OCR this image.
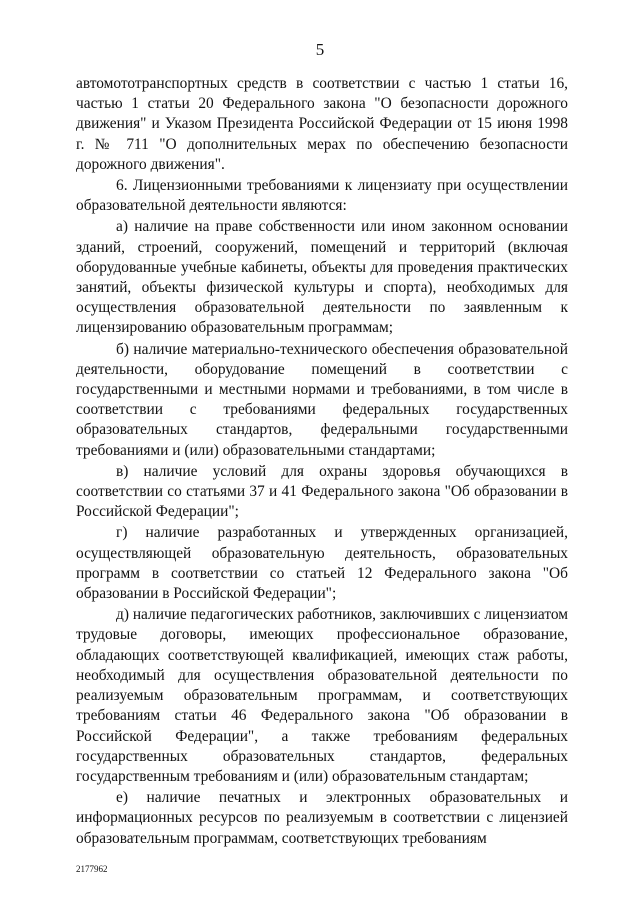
5

автомототранспортных средств в соответствии с частью 1 статьи 16, частью 1 статьи 20 Федерального закона "О безопасности дорожного движения" и Указом Президента Российской Федерации от 15 июня 1998 г. № 711 "О дополнительных мерах по обеспечению безопасности дорожного движения".

6. Лицензионными требованиями к лицензиату при осуществлении образовательной деятельности являются:

а) наличие на праве собственности или ином законном основании зданий, строений, сооружений, помещений и территорий (включая оборудованные учебные кабинеты, объекты для проведения практических занятий, объекты физической культуры и спорта), необходимых для осуществления образовательной деятельности по заявленным к лицензированию образовательным программам;

б) наличие материально-технического обеспечения образовательной деятельности, оборудование помещений в соответствии с государственными и местными нормами и требованиями, в том числе в соответствии с требованиями федеральных государственных образовательных стандартов, федеральными государственными требованиями и (или) образовательными стандартами;

в) наличие условий для охраны здоровья обучающихся в соответствии со статьями 37 и 41 Федерального закона "Об образовании в Российской Федерации";

г) наличие разработанных и утвержденных организацией, осуществляющей образовательную деятельность, образовательных программ в соответствии со статьей 12 Федерального закона "Об образовании в Российской Федерации";

д) наличие педагогических работников, заключивших с лицензиатом трудовые договоры, имеющих профессиональное образование, обладающих соответствующей квалификацией, имеющих стаж работы, необходимый для осуществления образовательной деятельности по реализуемым образовательным программам, и соответствующих требованиям статьи 46 Федерального закона "Об образовании в Российской Федерации", а также требованиям федеральных государственных образовательных стандартов, федеральных государственным требованиям и (или) образовательным стандартам;

е) наличие печатных и электронных образовательных и информационных ресурсов по реализуемым в соответствии с лицензией образовательным программам, соответствующих требованиям

2177962
